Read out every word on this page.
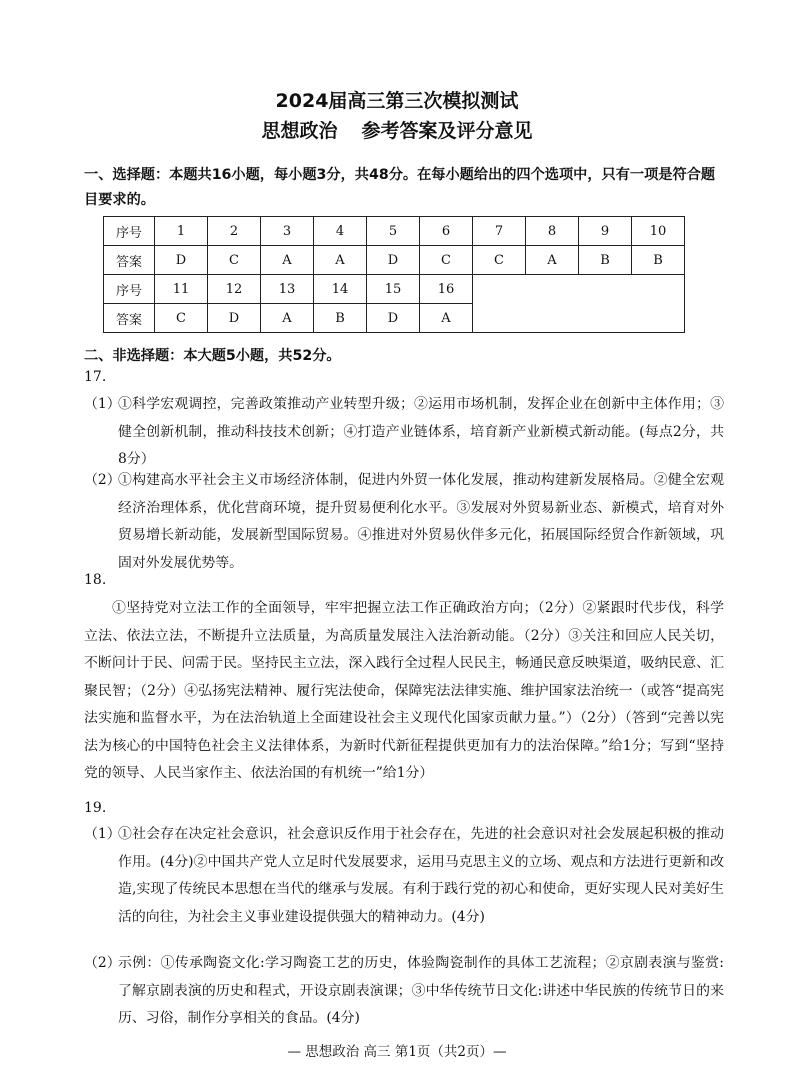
2024届高三第三次模拟测试
思想政治 参考答案及评分意见
一、选择题：本题共16小题，每小题3分，共48分。在每小题给出的四个选项中，只有一项是符合题目要求的。
序号	1	2	3	4	5	6	7	8	9	10
答案	D	C	A	A	D	C	C	A	B	B
序号	11	12	13	14	15	16				
答案	C	D	A	B	D	A				
二、非选择题：本大题5小题，共52分。
17.
（1）
①科学宏观调控，完善政策推动产业转型升级；②运用市场机制，发挥企业在创新中主体作用；③健全创新机制，推动科技技术创新；④打造产业链体系，培育新产业新模式新动能。(每点2分，共8分）
（2）
①构建高水平社会主义市场经济体制，促进内外贸一体化发展，推动构建新发展格局。②健全宏观经济治理体系，优化营商环境，提升贸易便利化水平。③发展对外贸易新业态、新模式，培育对外贸易增长新动能，发展新型国际贸易。④推进对外贸易伙伴多元化，拓展国际经贸合作新领域，巩固对外发展优势等。
18.
①坚持党对立法工作的全面领导，牢牢把握立法工作正确政治方向；（2分）②紧跟时代步伐，科学立法、依法立法，不断提升立法质量，为高质量发展注入法治新动能。（2分）③关注和回应人民关切，不断问计于民、问需于民。坚持民主立法，深入践行全过程人民民主，畅通民意反映渠道，吸纳民意、汇聚民智；（2分）④弘扬宪法精神、履行宪法使命，保障宪法法律实施、维护国家法治统一（或答“提高宪法实施和监督水平，为在法治轨道上全面建设社会主义现代化国家贡献力量。”）（2分）（答到“完善以宪法为核心的中国特色社会主义法律体系，为新时代新征程提供更加有力的法治保障。”给1分；写到“坚持党的领导、人民当家作主、依法治国的有机统一”给1分）
19.
（1）
①社会存在决定社会意识，社会意识反作用于社会存在，先进的社会意识对社会发展起积极的推动作用。(4分)②中国共产党人立足时代发展要求，运用马克思主义的立场、观点和方法进行更新和改造,实现了传统民本思想在当代的继承与发展。有利于践行党的初心和使命，更好实现人民对美好生活的向往，为社会主义事业建设提供强大的精神动力。(4分)
（2）
示例：①传承陶瓷文化:学习陶瓷工艺的历史，体验陶瓷制作的具体工艺流程；②京剧表演与鉴赏:了解京剧表演的历史和程式，开设京剧表演课；③中华传统节日文化:讲述中华民族的传统节日的来历、习俗，制作分享相关的食品。(4分)
— 思想政治 高三 第1页（共2页）—
